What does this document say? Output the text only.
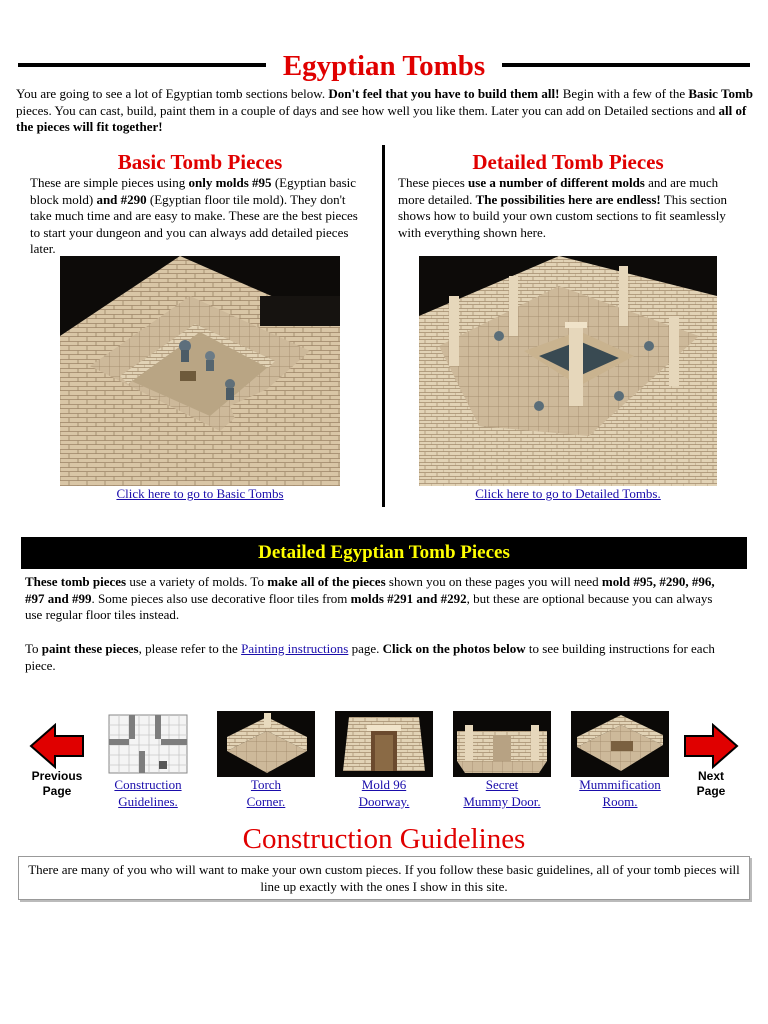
Egyptian Tombs
You are going to see a lot of Egyptian tomb sections below. Don't feel that you have to build them all! Begin with a few of the Basic Tomb pieces. You can cast, build, paint them in a couple of days and see how well you like them. Later you can add on Detailed sections and all of the pieces will fit together!
Basic Tomb Pieces
These are simple pieces using only molds #95 (Egyptian basic block mold) and #290 (Egyptian floor tile mold). They don't take much time and are easy to make. These are the best pieces to start your dungeon and you can always add detailed pieces later.
Click here to go to Basic Tombs
Detailed Tomb Pieces
These pieces use a number of different molds and are much more detailed. The possibilities here are endless! This section shows how to build your own custom sections to fit seamlessly with everything shown here.
Click here to go to Detailed Tombs.
Detailed Egyptian Tomb Pieces
These tomb pieces use a variety of molds. To make all of the pieces shown you on these pages you will need mold #95, #290, #96, #97 and #99. Some pieces also use decorative floor tiles from molds #291 and #292, but these are optional because you can always use regular floor tiles instead.
To paint these pieces, please refer to the Painting instructions page. Click on the photos below to see building instructions for each piece.
Previous
Page	Construction
Guidelines.
Torch
Corner.
Mold 96
Doorway.
Secret
Mummy Door.
Mummification
Room.
Next
Page
Construction Guidelines
There are many of you who will want to make your own custom pieces. If you follow these basic guidelines, all of your tomb pieces will line up exactly with the ones I show in this site.
